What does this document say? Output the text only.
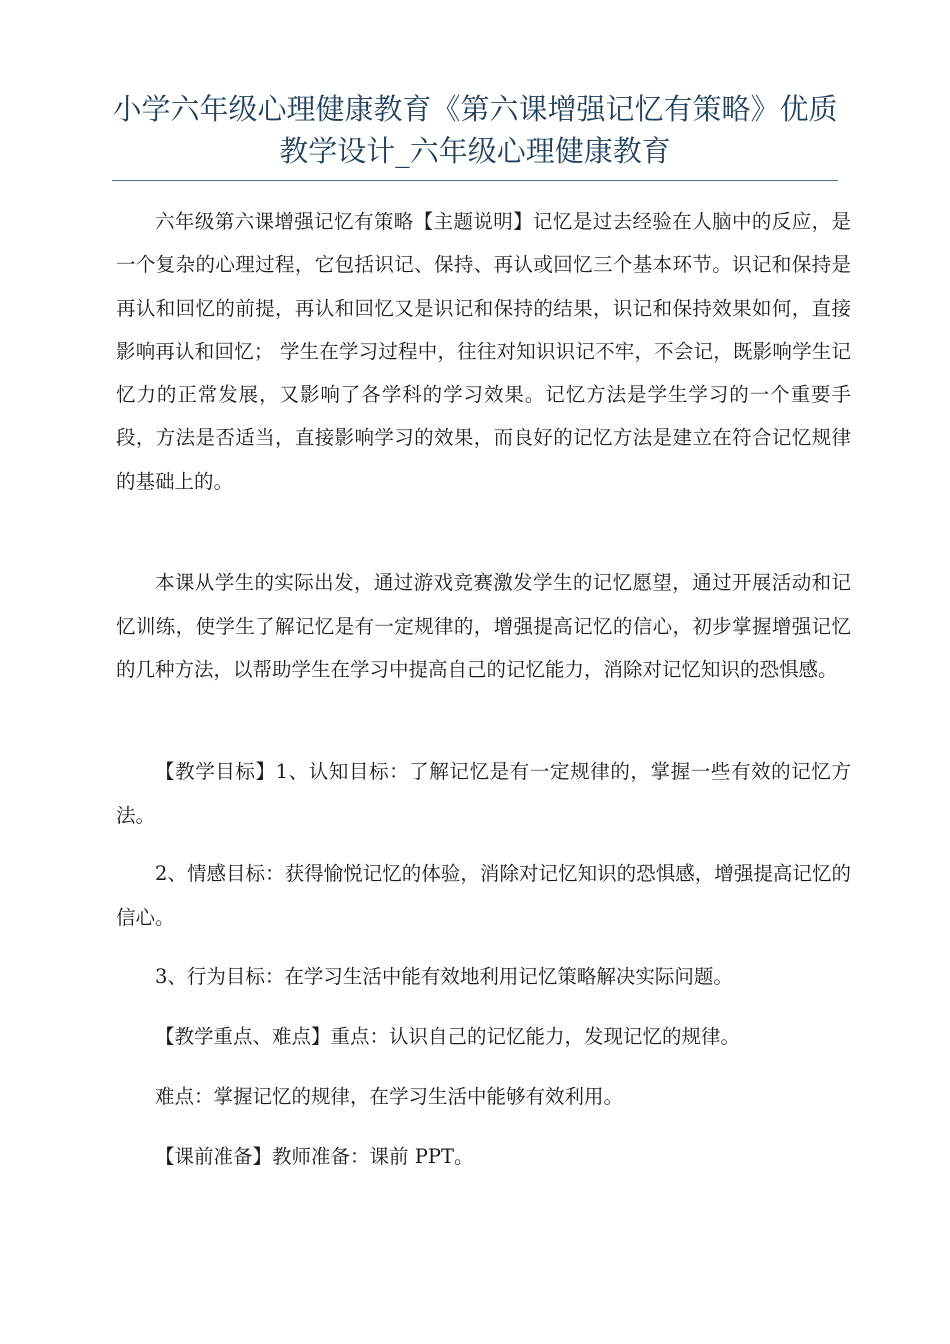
小学六年级心理健康教育《第六课增强记忆有策略》优质教学设计_六年级心理健康教育

六年级第六课增强记忆有策略【主题说明】记忆是过去经验在人脑中的反应，是一个复杂的心理过程，它包括识记、保持、再认或回忆三个基本环节。识记和保持是再认和回忆的前提，再认和回忆又是识记和保持的结果，识记和保持效果如何，直接影响再认和回忆； 学生在学习过程中，往往对知识识记不牢，不会记，既影响学生记忆力的正常发展，又影响了各学科的学习效果。记忆方法是学生学习的一个重要手段，方法是否适当，直接影响学习的效果，而良好的记忆方法是建立在符合记忆规律的基础上的。

本课从学生的实际出发，通过游戏竞赛激发学生的记忆愿望，通过开展活动和记忆训练，使学生了解记忆是有一定规律的，增强提高记忆的信心，初步掌握增强记忆的几种方法，以帮助学生在学习中提高自己的记忆能力，消除对记忆知识的恐惧感。

【教学目标】1、认知目标：了解记忆是有一定规律的，掌握一些有效的记忆方法。

2、情感目标：获得愉悦记忆的体验，消除对记忆知识的恐惧感，增强提高记忆的信心。

3、行为目标：在学习生活中能有效地利用记忆策略解决实际问题。

【教学重点、难点】重点：认识自己的记忆能力，发现记忆的规律。

难点：掌握记忆的规律，在学习生活中能够有效利用。

【课前准备】教师准备：课前 PPT。
